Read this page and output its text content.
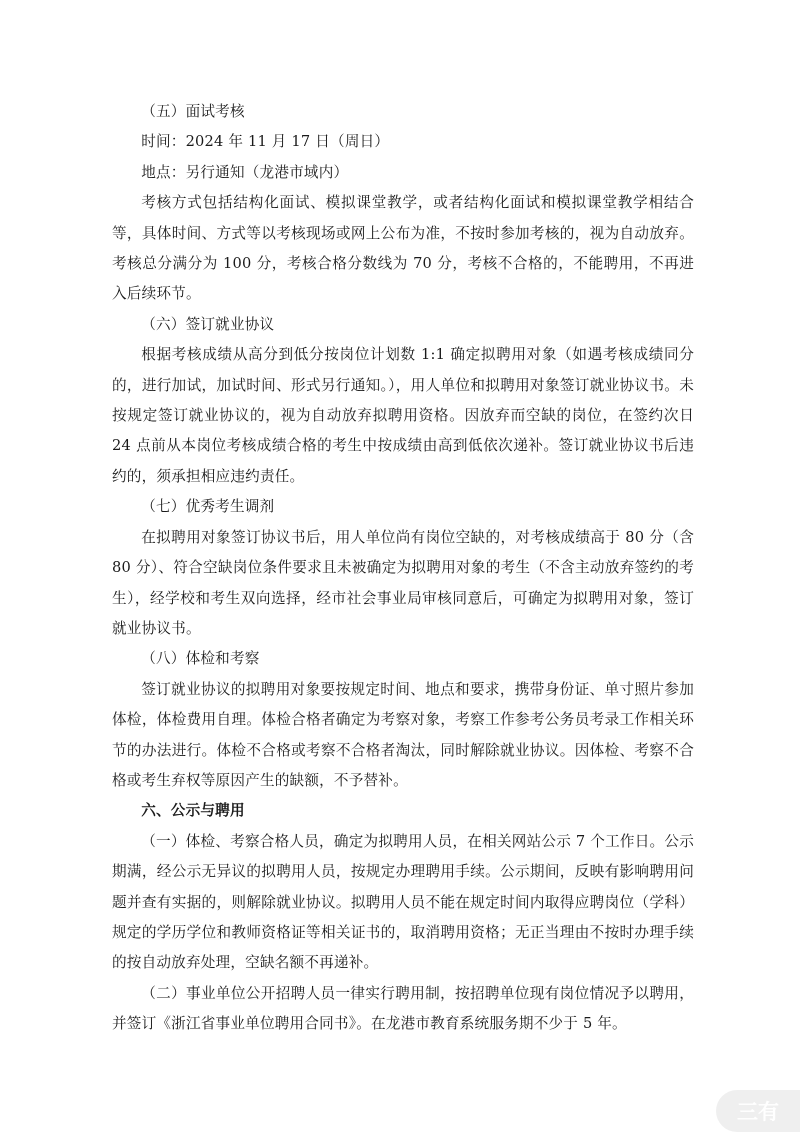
（五）面试考核

时间：2024 年 11 月 17 日（周日）

地点：另行通知（龙港市域内）

考核方式包括结构化面试、模拟课堂教学，或者结构化面试和模拟课堂教学相结合等，具体时间、方式等以考核现场或网上公布为准，不按时参加考核的，视为自动放弃。考核总分满分为 100 分，考核合格分数线为 70 分，考核不合格的，不能聘用，不再进入后续环节。

（六）签订就业协议

根据考核成绩从高分到低分按岗位计划数 1:1 确定拟聘用对象（如遇考核成绩同分的，进行加试，加试时间、形式另行通知。），用人单位和拟聘用对象签订就业协议书。未按规定签订就业协议的，视为自动放弃拟聘用资格。因放弃而空缺的岗位，在签约次日 24 点前从本岗位考核成绩合格的考生中按成绩由高到低依次递补。签订就业协议书后违约的，须承担相应违约责任。

（七）优秀考生调剂

在拟聘用对象签订协议书后，用人单位尚有岗位空缺的，对考核成绩高于 80 分（含 80 分）、符合空缺岗位条件要求且未被确定为拟聘用对象的考生（不含主动放弃签约的考生），经学校和考生双向选择，经市社会事业局审核同意后，可确定为拟聘用对象，签订就业协议书。

（八）体检和考察

签订就业协议的拟聘用对象要按规定时间、地点和要求，携带身份证、单寸照片参加体检，体检费用自理。体检合格者确定为考察对象，考察工作参考公务员考录工作相关环节的办法进行。体检不合格或考察不合格者淘汰，同时解除就业协议。因体检、考察不合格或考生弃权等原因产生的缺额，不予替补。

六、公示与聘用

（一）体检、考察合格人员，确定为拟聘用人员，在相关网站公示 7 个工作日。公示期满，经公示无异议的拟聘用人员，按规定办理聘用手续。公示期间，反映有影响聘用问题并查有实据的，则解除就业协议。拟聘用人员不能在规定时间内取得应聘岗位（学科）规定的学历学位和教师资格证等相关证书的，取消聘用资格；无正当理由不按时办理手续的按自动放弃处理，空缺名额不再递补。

（二）事业单位公开招聘人员一律实行聘用制，按招聘单位现有岗位情况予以聘用，并签订《浙江省事业单位聘用合同书》。在龙港市教育系统服务期不少于 5 年。

三有
